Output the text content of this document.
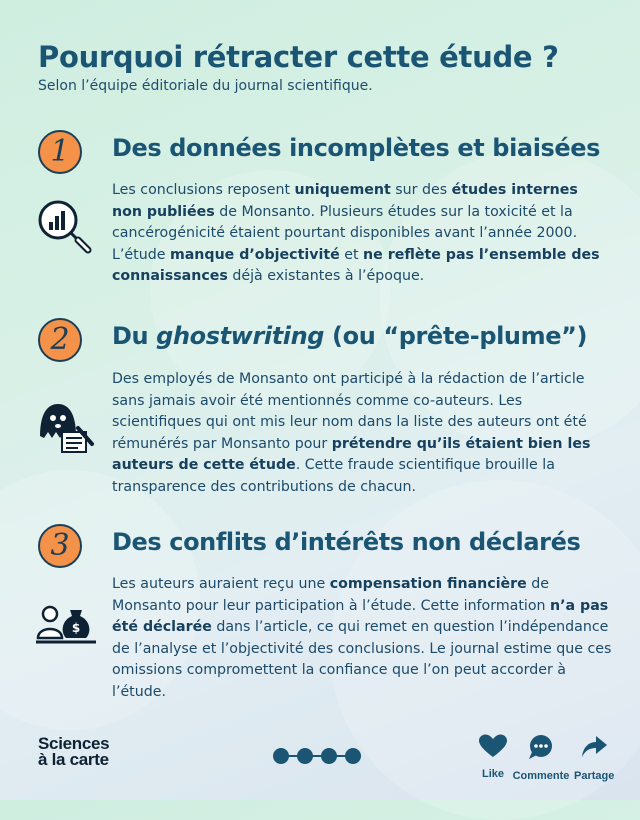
Pourquoi rétracter cette étude ?
Selon l’équipe éditoriale du journal scientifique.
1	Des données incomplètes et biaisées

Les conclusions reposent uniquement sur des études internes non publiées de Monsanto. Plusieurs études sur la toxicité et la cancérogénicité étaient pourtant disponibles avant l’année 2000. L’étude manque d’objectivité et ne reflète pas l’ensemble des connaissances déjà existantes à l’époque.

2	Du ghostwriting (ou “prête-plume”)

Des employés de Monsanto ont participé à la rédaction de l’article sans jamais avoir été mentionnés comme co-auteurs. Les scientifiques qui ont mis leur nom dans la liste des auteurs ont été rémunérés par Monsanto pour prétendre qu’ils étaient bien les auteurs de cette étude. Cette fraude scientifique brouille la transparence des contributions de chacun.

3	Des conflits d’intérêts non déclarés
$

Les auteurs auraient reçu une compensation financière de Monsanto pour leur participation à l’étude. Cette information n’a pas été déclarée dans l’article, ce qui remet en question l’indépendance de l’analyse et l’objectivité des conclusions. Le journal estime que ces omissions compromettent la confiance que l’on peut accorder à l’étude.

Sciences
à la carte
Like Commente Partage
